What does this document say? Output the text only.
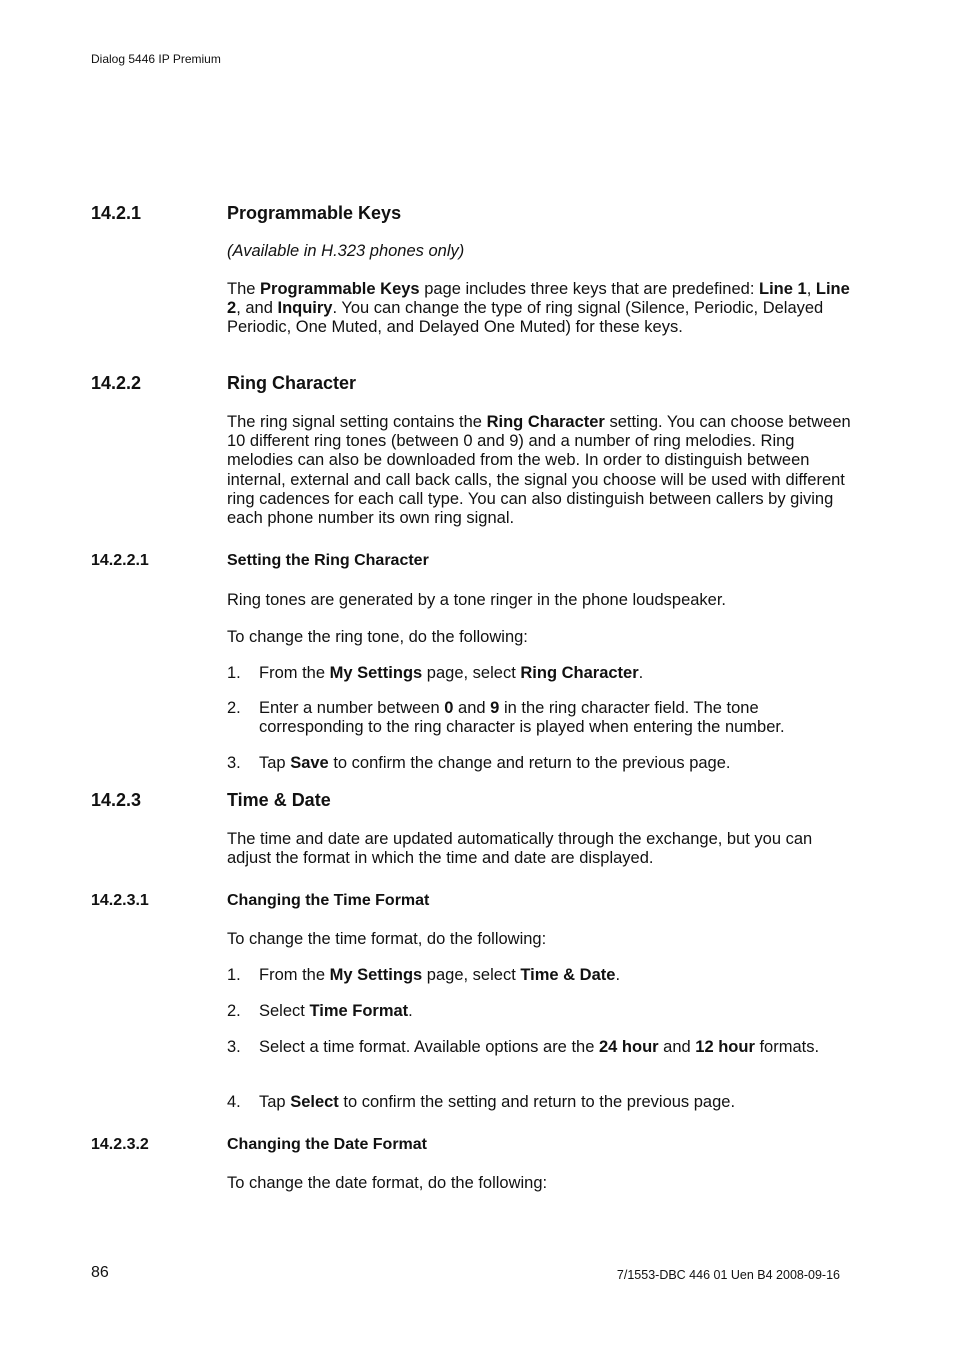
Dialog 5446 IP Premium
14.2.1	Programmable Keys
(Available in H.323 phones only)
The Programmable Keys page includes three keys that are predefined: Line 1, Line 2, and Inquiry. You can change the type of ring signal (Silence, Periodic, Delayed Periodic, One Muted, and Delayed One Muted) for these keys.
14.2.2	Ring Character
The ring signal setting contains the Ring Character setting. You can choose between 10 different ring tones (between 0 and 9) and a number of ring melodies. Ring melodies can also be downloaded from the web. In order to distinguish between internal, external and call back calls, the signal you choose will be used with different ring cadences for each call type. You can also distinguish between callers by giving each phone number its own ring signal.
14.2.2.1	Setting the Ring Character
Ring tones are generated by a tone ringer in the phone loudspeaker.
To change the ring tone, do the following:
1. From the My Settings page, select Ring Character.
2. Enter a number between 0 and 9 in the ring character field. The tone corresponding to the ring character is played when entering the number.
3. Tap Save to confirm the change and return to the previous page.
14.2.3	Time & Date
The time and date are updated automatically through the exchange, but you can adjust the format in which the time and date are displayed.
14.2.3.1	Changing the Time Format
To change the time format, do the following:
1. From the My Settings page, select Time & Date.
2. Select Time Format.
3. Select a time format. Available options are the 24 hour and 12 hour formats.
4. Tap Select to confirm the setting and return to the previous page.
14.2.3.2	Changing the Date Format
To change the date format, do the following:
86	7/1553-DBC 446 01 Uen B4 2008-09-16
